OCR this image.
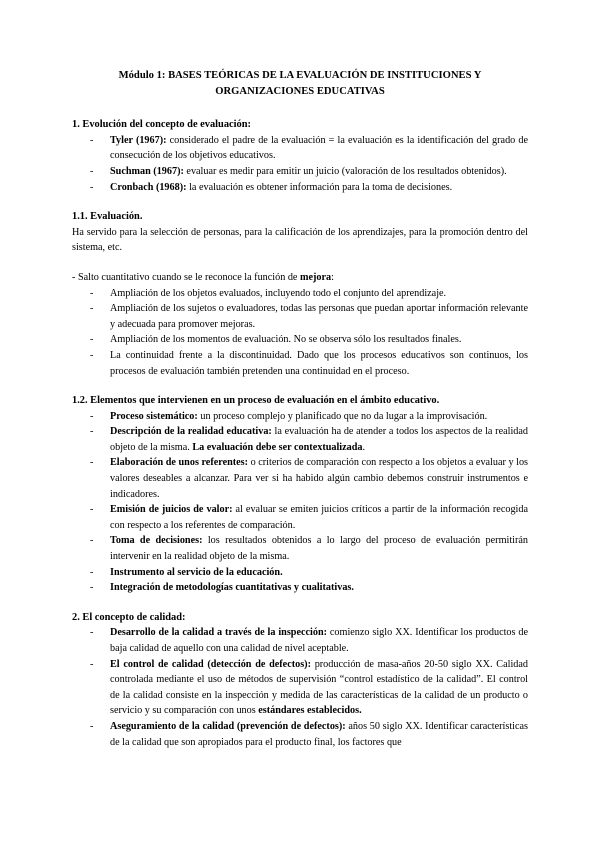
Módulo 1: BASES TEÓRICAS DE LA EVALUACIÓN DE INSTITUCIONES Y
ORGANIZACIONES EDUCATIVAS
1. Evolución del concepto de evaluación:
- Tyler (1967): considerado el padre de la evaluación = la evaluación es la identificación del grado de consecución de los objetivos educativos.
- Suchman (1967): evaluar es medir para emitir un juicio (valoración de los resultados obtenidos).
- Cronbach (1968): la evaluación es obtener información para la toma de decisiones.
1.1. Evaluación.

Ha servido para la selección de personas, para la calificación de los aprendizajes, para la promoción dentro del sistema, etc.

- Salto cuantitativo cuando se le reconoce la función de mejora:

- Ampliación de los objetos evaluados, incluyendo todo el conjunto del aprendizaje.
- Ampliación de los sujetos o evaluadores, todas las personas que puedan aportar información relevante y adecuada para promover mejoras.
- Ampliación de los momentos de evaluación. No se observa sólo los resultados finales.
- La continuidad frente a la discontinuidad. Dado que los procesos educativos son continuos, los procesos de evaluación también pretenden una continuidad en el proceso.
1.2. Elementos que intervienen en un proceso de evaluación en el ámbito educativo.
- Proceso sistemático: un proceso complejo y planificado que no da lugar a la improvisación.
- Descripción de la realidad educativa: la evaluación ha de atender a todos los aspectos de la realidad objeto de la misma. La evaluación debe ser contextualizada.
- Elaboración de unos referentes: o criterios de comparación con respecto a los objetos a evaluar y los valores deseables a alcanzar. Para ver si ha habido algún cambio debemos construir instrumentos e indicadores.
- Emisión de juicios de valor: al evaluar se emiten juicios críticos a partir de la información recogida con respecto a los referentes de comparación.
- Toma de decisiones: los resultados obtenidos a lo largo del proceso de evaluación permitirán intervenir en la realidad objeto de la misma.
- Instrumento al servicio de la educación.
- Integración de metodologías cuantitativas y cualitativas.
2. El concepto de calidad:
- Desarrollo de la calidad a través de la inspección: comienzo siglo XX. Identificar los productos de baja calidad de aquello con una calidad de nivel aceptable.
- El control de calidad (detección de defectos): producción de masa-años 20-50 siglo XX. Calidad controlada mediante el uso de métodos de supervisión “control estadístico de la calidad”. El control de la calidad consiste en la inspección y medida de las características de la calidad de un producto o servicio y su comparación con unos estándares establecidos.
- Aseguramiento de la calidad (prevención de defectos): años 50 siglo XX. Identificar características de la calidad que son apropiados para el producto final, los factores que
